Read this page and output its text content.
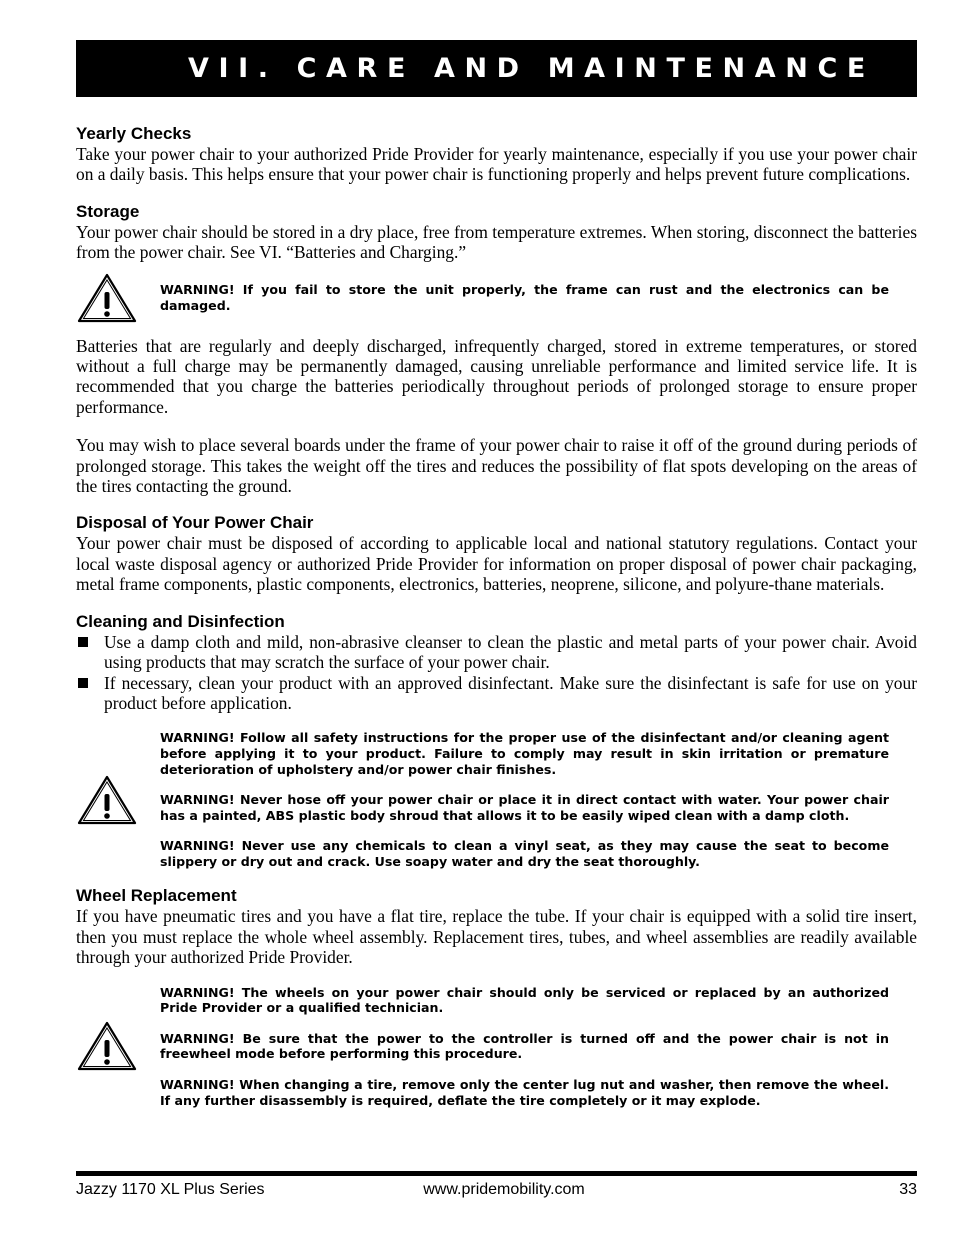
VII. CARE AND MAINTENANCE
Yearly Checks

Take your power chair to your authorized Pride Provider for yearly maintenance, especially if you use your power chair on a daily basis. This helps ensure that your power chair is functioning properly and helps prevent future complications.

Storage

Your power chair should be stored in a dry place, free from temperature extremes. When storing, disconnect the batteries from the power chair. See VI. “Batteries and Charging.”

WARNING! If you fail to store the unit properly, the frame can rust and the electronics can be damaged.

Batteries that are regularly and deeply discharged, infrequently charged, stored in extreme temperatures, or stored without a full charge may be permanently damaged, causing unreliable performance and limited service life. It is recommended that you charge the batteries periodically throughout periods of prolonged storage to ensure proper performance.

You may wish to place several boards under the frame of your power chair to raise it off of the ground during periods of prolonged storage. This takes the weight off the tires and reduces the possibility of flat spots developing on the areas of the tires contacting the ground.

Disposal of Your Power Chair

Your power chair must be disposed of according to applicable local and national statutory regulations. Contact your local waste disposal agency or authorized Pride Provider for information on proper disposal of power chair packaging, metal frame components, plastic components, electronics, batteries, neoprene, silicone, and polyure-thane materials.

Cleaning and Disinfection
Use a damp cloth and mild, non-abrasive cleanser to clean the plastic and metal parts of your power chair. Avoid using products that may scratch the surface of your power chair.
If necessary, clean your product with an approved disinfectant. Make sure the disinfectant is safe for use on your product before application.

WARNING! Follow all safety instructions for the proper use of the disinfectant and/or cleaning agent before applying it to your product. Failure to comply may result in skin irritation or premature deterioration of upholstery and/or power chair finishes.

WARNING! Never hose off your power chair or place it in direct contact with water. Your power chair has a painted, ABS plastic body shroud that allows it to be easily wiped clean with a damp cloth.

WARNING! Never use any chemicals to clean a vinyl seat, as they may cause the seat to become slippery or dry out and crack. Use soapy water and dry the seat thoroughly.

Wheel Replacement

If you have pneumatic tires and you have a flat tire, replace the tube. If your chair is equipped with a solid tire insert, then you must replace the whole wheel assembly. Replacement tires, tubes, and wheel assemblies are readily available through your authorized Pride Provider.

WARNING! The wheels on your power chair should only be serviced or replaced by an authorized Pride Provider or a qualified technician.

WARNING! Be sure that the power to the controller is turned off and the power chair is not in freewheel mode before performing this procedure.

WARNING! When changing a tire, remove only the center lug nut and washer, then remove the wheel. If any further disassembly is required, deflate the tire completely or it may explode.

Jazzy 1170 XL Plus Series	www.pridemobility.com	33
